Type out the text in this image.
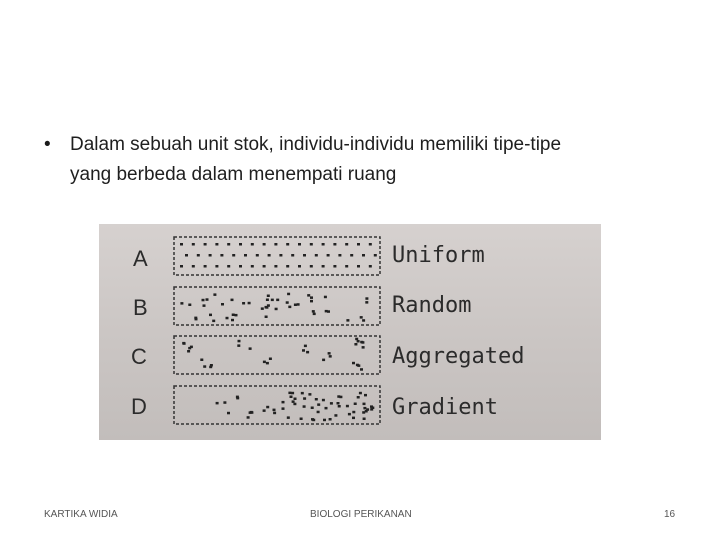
•	Dalam sebuah unit stok, individu-individu memiliki tipe-tipe
yang berbeda dalam menempati ruang
A	Uniform
B	Random
C	Aggregated
D	Gradient
KARTIKA WIDIA	BIOLOGI PERIKANAN	16
